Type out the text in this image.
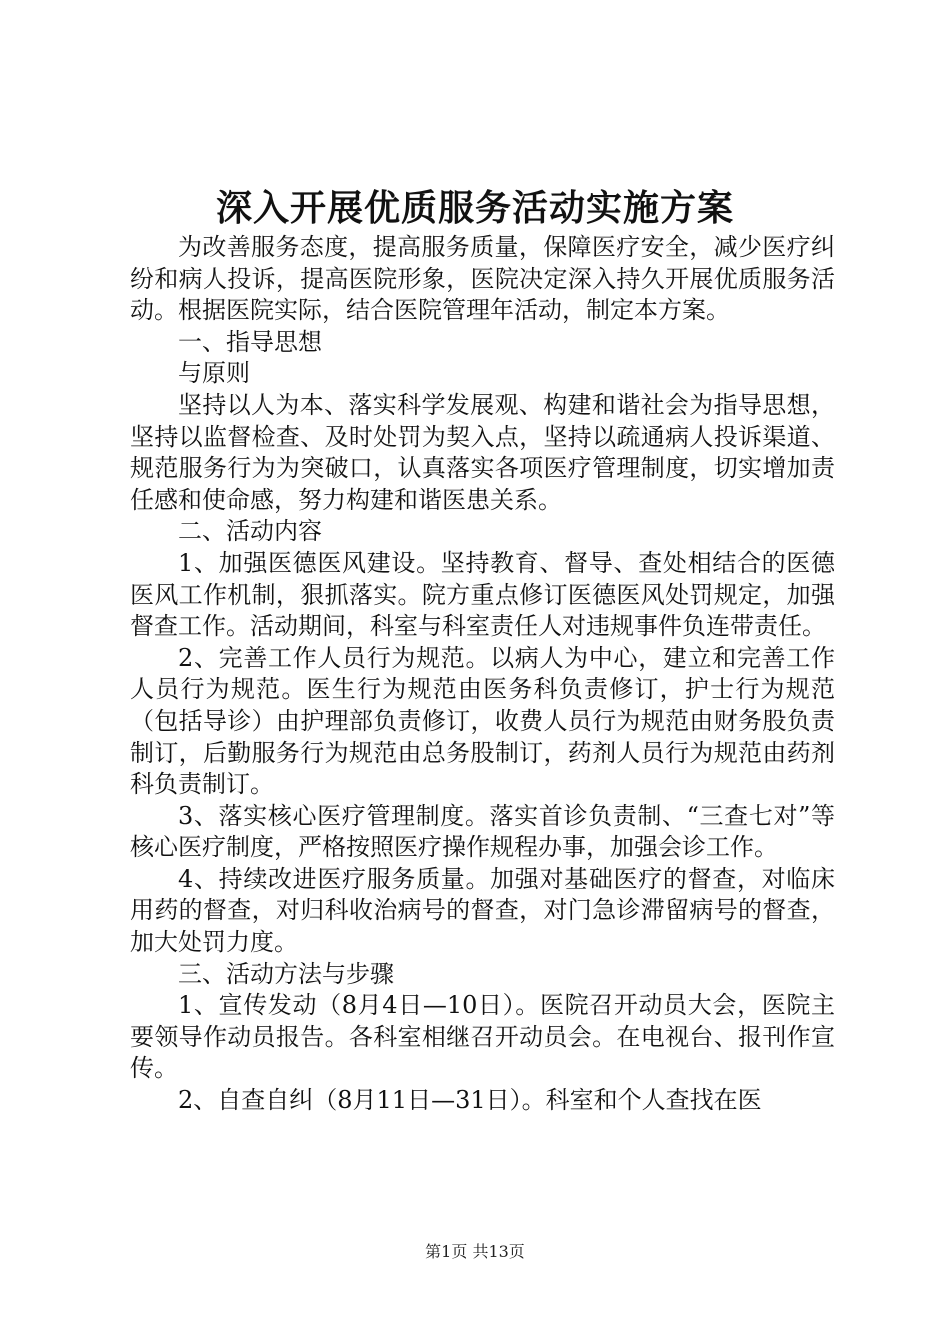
深入开展优质服务活动实施方案

为改善服务态度，提高服务质量，保障医疗安全，减少医疗纠纷和病人投诉，提高医院形象，医院决定深入持久开展优质服务活动。根据医院实际，结合医院管理年活动，制定本方案。

一、指导思想

与原则

坚持以人为本、落实科学发展观、构建和谐社会为指导思想，坚持以监督检查、及时处罚为契入点，坚持以疏通病人投诉渠道、规范服务行为为突破口，认真落实各项医疗管理制度，切实增加责任感和使命感，努力构建和谐医患关系。

二、活动内容

1、加强医德医风建设。坚持教育、督导、查处相结合的医德医风工作机制，狠抓落实。院方重点修订医德医风处罚规定，加强督查工作。活动期间，科室与科室责任人对违规事件负连带责任。

2、完善工作人员行为规范。以病人为中心，建立和完善工作人员行为规范。医生行为规范由医务科负责修订，护士行为规范（包括导诊）由护理部负责修订，收费人员行为规范由财务股负责制订，后勤服务行为规范由总务股制订，药剂人员行为规范由药剂科负责制订。

3、落实核心医疗管理制度。落实首诊负责制、“三查七对”等核心医疗制度，严格按照医疗操作规程办事，加强会诊工作。

4、持续改进医疗服务质量。加强对基础医疗的督查，对临床用药的督查，对归科收治病号的督查，对门急诊滞留病号的督查，加大处罚力度。

三、活动方法与步骤

1、宣传发动（8月4日—10日）。医院召开动员大会，医院主要领导作动员报告。各科室相继召开动员会。在电视台、报刊作宣传。

2、自查自纠（8月11日—31日）。科室和个人查找在医

第1页 共13页
